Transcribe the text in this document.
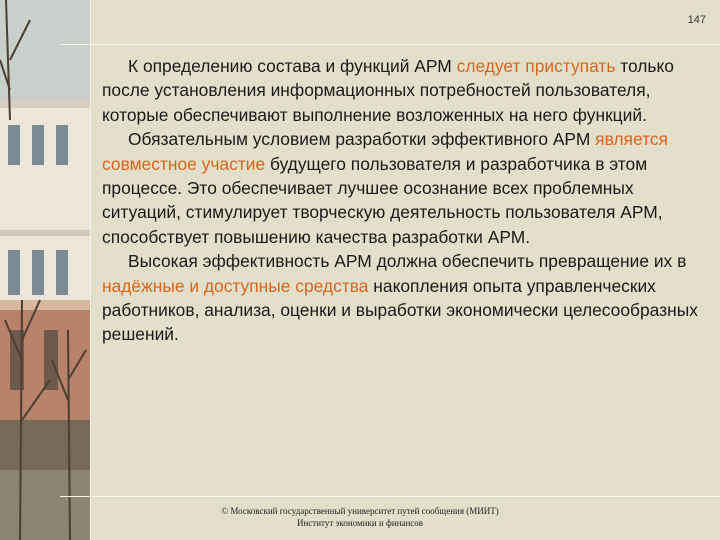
147

К определению состава и функций АРМ следует приступать только после установления информационных потребностей пользователя, которые обеспечивают выполнение возложенных на него функций.

Обязательным условием разработки эффективного АРМ является совместное участие будущего пользователя и разработчика в этом процессе. Это обеспечивает лучшее осознание всех проблемных ситуаций, стимулирует творческую деятельность пользователя АРМ, способствует повышению качества разработки АРМ.

Высокая эффективность АРМ должна обеспечить превращение их в надёжные и доступные средства накопления опыта управленческих работников, анализа, оценки и выработки экономически целесообразных решений.

© Московский государственный университет путей сообщения (МИИТ)
Институт экономики и финансов
